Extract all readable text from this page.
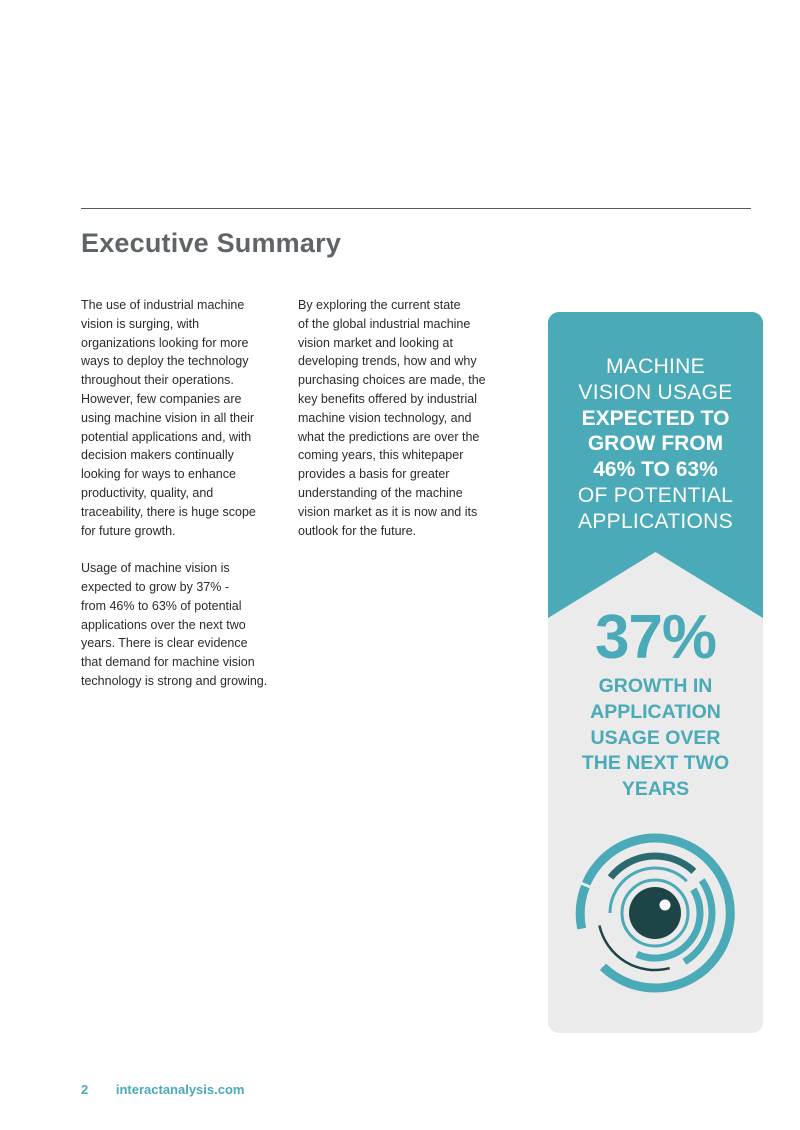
Executive Summary

The use of industrial machine
vision is surging, with
organizations looking for more
ways to deploy the technology
throughout their operations.
However, few companies are
using machine vision in all their
potential applications and, with
decision makers continually
looking for ways to enhance
productivity, quality, and
traceability, there is huge scope
for future growth.

Usage of machine vision is
expected to grow by 37% -
from 46% to 63% of potential
applications over the next two
years. There is clear evidence
that demand for machine vision
technology is strong and growing.

By exploring the current state
of the global industrial machine
vision market and looking at
developing trends, how and why
purchasing choices are made, the
key benefits offered by industrial
machine vision technology, and
what the predictions are over the
coming years, this whitepaper
provides a basis for greater
understanding of the machine
vision market as it is now and its
outlook for the future.

MACHINE
VISION USAGE
EXPECTED TO
GROW FROM
46% TO 63%
OF POTENTIAL
APPLICATIONS
37%
GROWTH IN
APPLICATION
USAGE OVER
THE NEXT TWO
YEARS
2 interactanalysis.com
